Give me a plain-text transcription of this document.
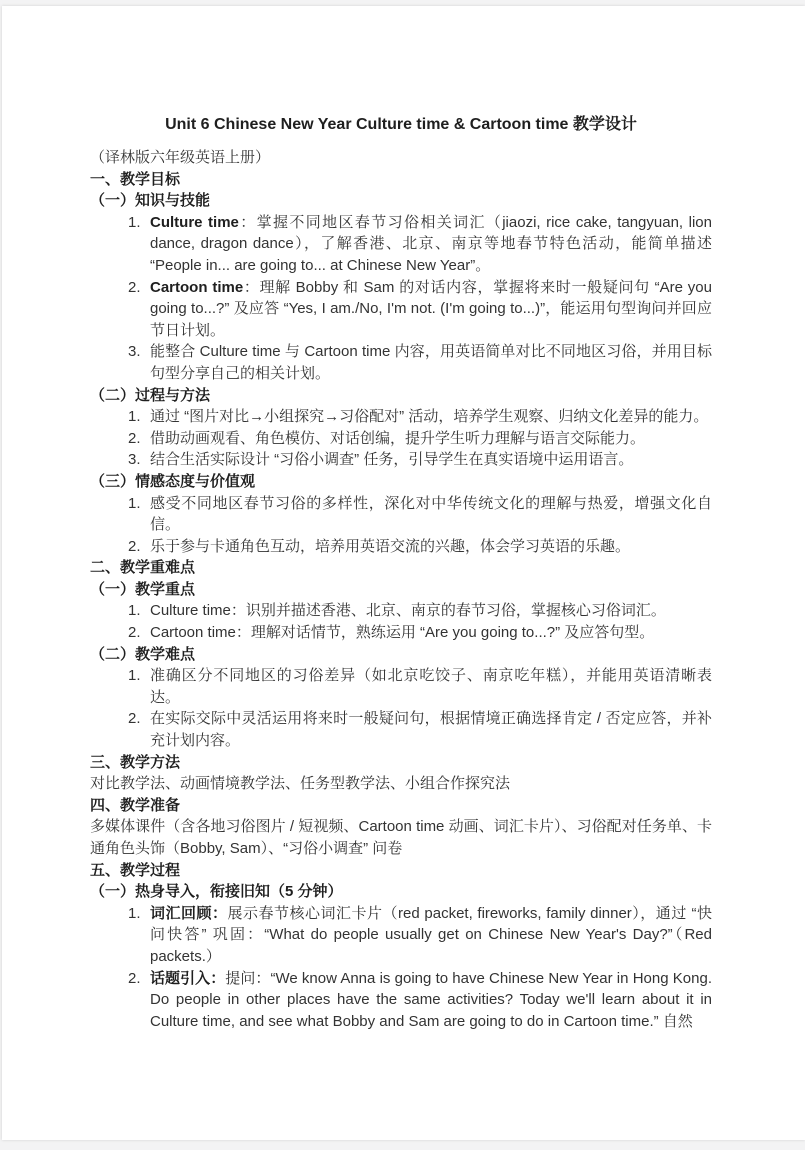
Unit 6 Chinese New Year Culture time & Cartoon time 教学设计

（译林版六年级英语上册）

一、教学目标
（一）知识与技能
1. Culture time：掌握不同地区春节习俗相关词汇（jiaozi, rice cake, tangyuan, lion dance, dragon dance），了解香港、北京、南京等地春节特色活动，能简单描述 “People in... are going to... at Chinese New Year”。
2. Cartoon time：理解 Bobby 和 Sam 的对话内容，掌握将来时一般疑问句 “Are you going to...?” 及应答 “Yes, I am./No, I'm not. (I'm going to...)”，能运用句型询问并回应节日计划。
3. 能整合 Culture time 与 Cartoon time 内容，用英语简单对比不同地区习俗，并用目标句型分享自己的相关计划。
（二）过程与方法
1. 通过 “图片对比→小组探究→习俗配对” 活动，培养学生观察、归纳文化差异的能力。
2. 借助动画观看、角色模仿、对话创编，提升学生听力理解与语言交际能力。
3. 结合生活实际设计 “习俗小调查” 任务，引导学生在真实语境中运用语言。
（三）情感态度与价值观
1. 感受不同地区春节习俗的多样性，深化对中华传统文化的理解与热爱，增强文化自信。
2. 乐于参与卡通角色互动，培养用英语交流的兴趣，体会学习英语的乐趣。
二、教学重难点
（一）教学重点
1. Culture time：识别并描述香港、北京、南京的春节习俗，掌握核心习俗词汇。
2. Cartoon time：理解对话情节，熟练运用 “Are you going to...?” 及应答句型。
（二）教学难点
1. 准确区分不同地区的习俗差异（如北京吃饺子、南京吃年糕），并能用英语清晰表达。
2. 在实际交际中灵活运用将来时一般疑问句，根据情境正确选择肯定 / 否定应答，并补充计划内容。
三、教学方法

对比教学法、动画情境教学法、任务型教学法、小组合作探究法

四、教学准备

多媒体课件（含各地习俗图片 / 短视频、Cartoon time 动画、词汇卡片）、习俗配对任务单、卡通角色头饰（Bobby, Sam）、“习俗小调查” 问卷

五、教学过程
（一）热身导入，衔接旧知（5 分钟）
1. 词汇回顾：展示春节核心词汇卡片（red packet, fireworks, family dinner），通过 “快问快答” 巩固：“What do people usually get on Chinese New Year's Day?”（Red packets.）
2. 话题引入：提问：“We know Anna is going to have Chinese New Year in Hong Kong. Do people in other places have the same activities? Today we'll learn about it in Culture time, and see what Bobby and Sam are going to do in Cartoon time.” 自然
